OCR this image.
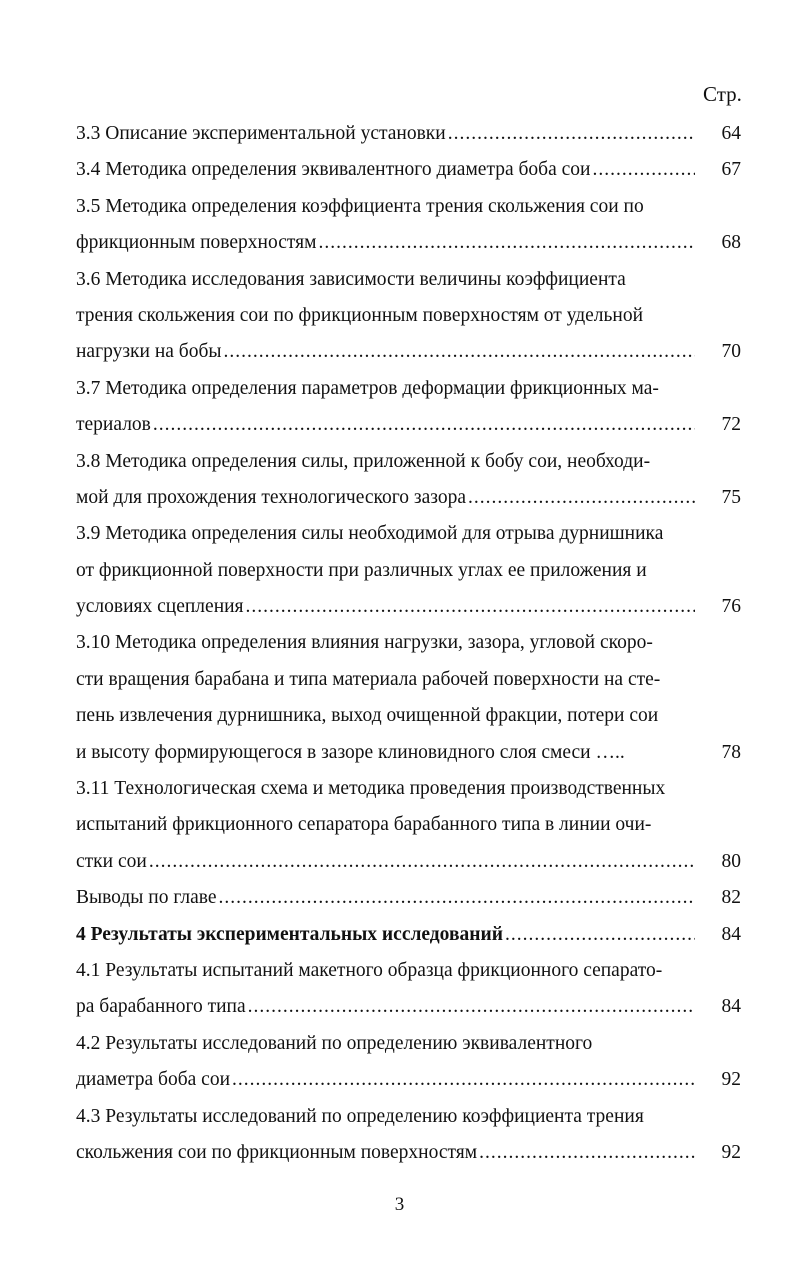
Стр.
3.3 Описание экспериментальной установки .....	64
3.4 Методика определения эквивалентного диаметра боба сои .....	67
3.5 Методика определения коэффициента трения скольжения сои по
фрикционным поверхностям .....	68
3.6 Методика исследования зависимости величины коэффициента
трения скольжения сои по фрикционным поверхностям от удельной
нагрузки на бобы .....	70
3.7 Методика определения параметров деформации фрикционных ма-
териалов .....	72
3.8 Методика определения силы, приложенной к бобу сои, необходи-
мой для прохождения технологического зазора .....	75
3.9 Методика определения силы необходимой для отрыва дурнишника
от фрикционной поверхности при различных углах ее приложения и
условиях сцепления .....	76
3.10 Методика определения влияния нагрузки, зазора, угловой скоро-
сти вращения барабана и типа материала рабочей поверхности на сте-
пень извлечения дурнишника, выход очищенной фракции, потери сои
и высоту формирующегося в зазоре клиновидного слоя смеси …..	78
3.11 Технологическая схема и методика проведения производственных
испытаний фрикционного сепаратора барабанного типа в линии очи-
стки сои .....	80
Выводы по главе .....	82
4 Результаты экспериментальных исследований .....	84
4.1 Результаты испытаний макетного образца фрикционного сепарато-
ра барабанного типа .....	84
4.2 Результаты исследований по определению эквивалентного
диаметра боба сои .....	92
4.3 Результаты исследований по определению коэффициента трения
скольжения сои по фрикционным поверхностям .....	92
3
